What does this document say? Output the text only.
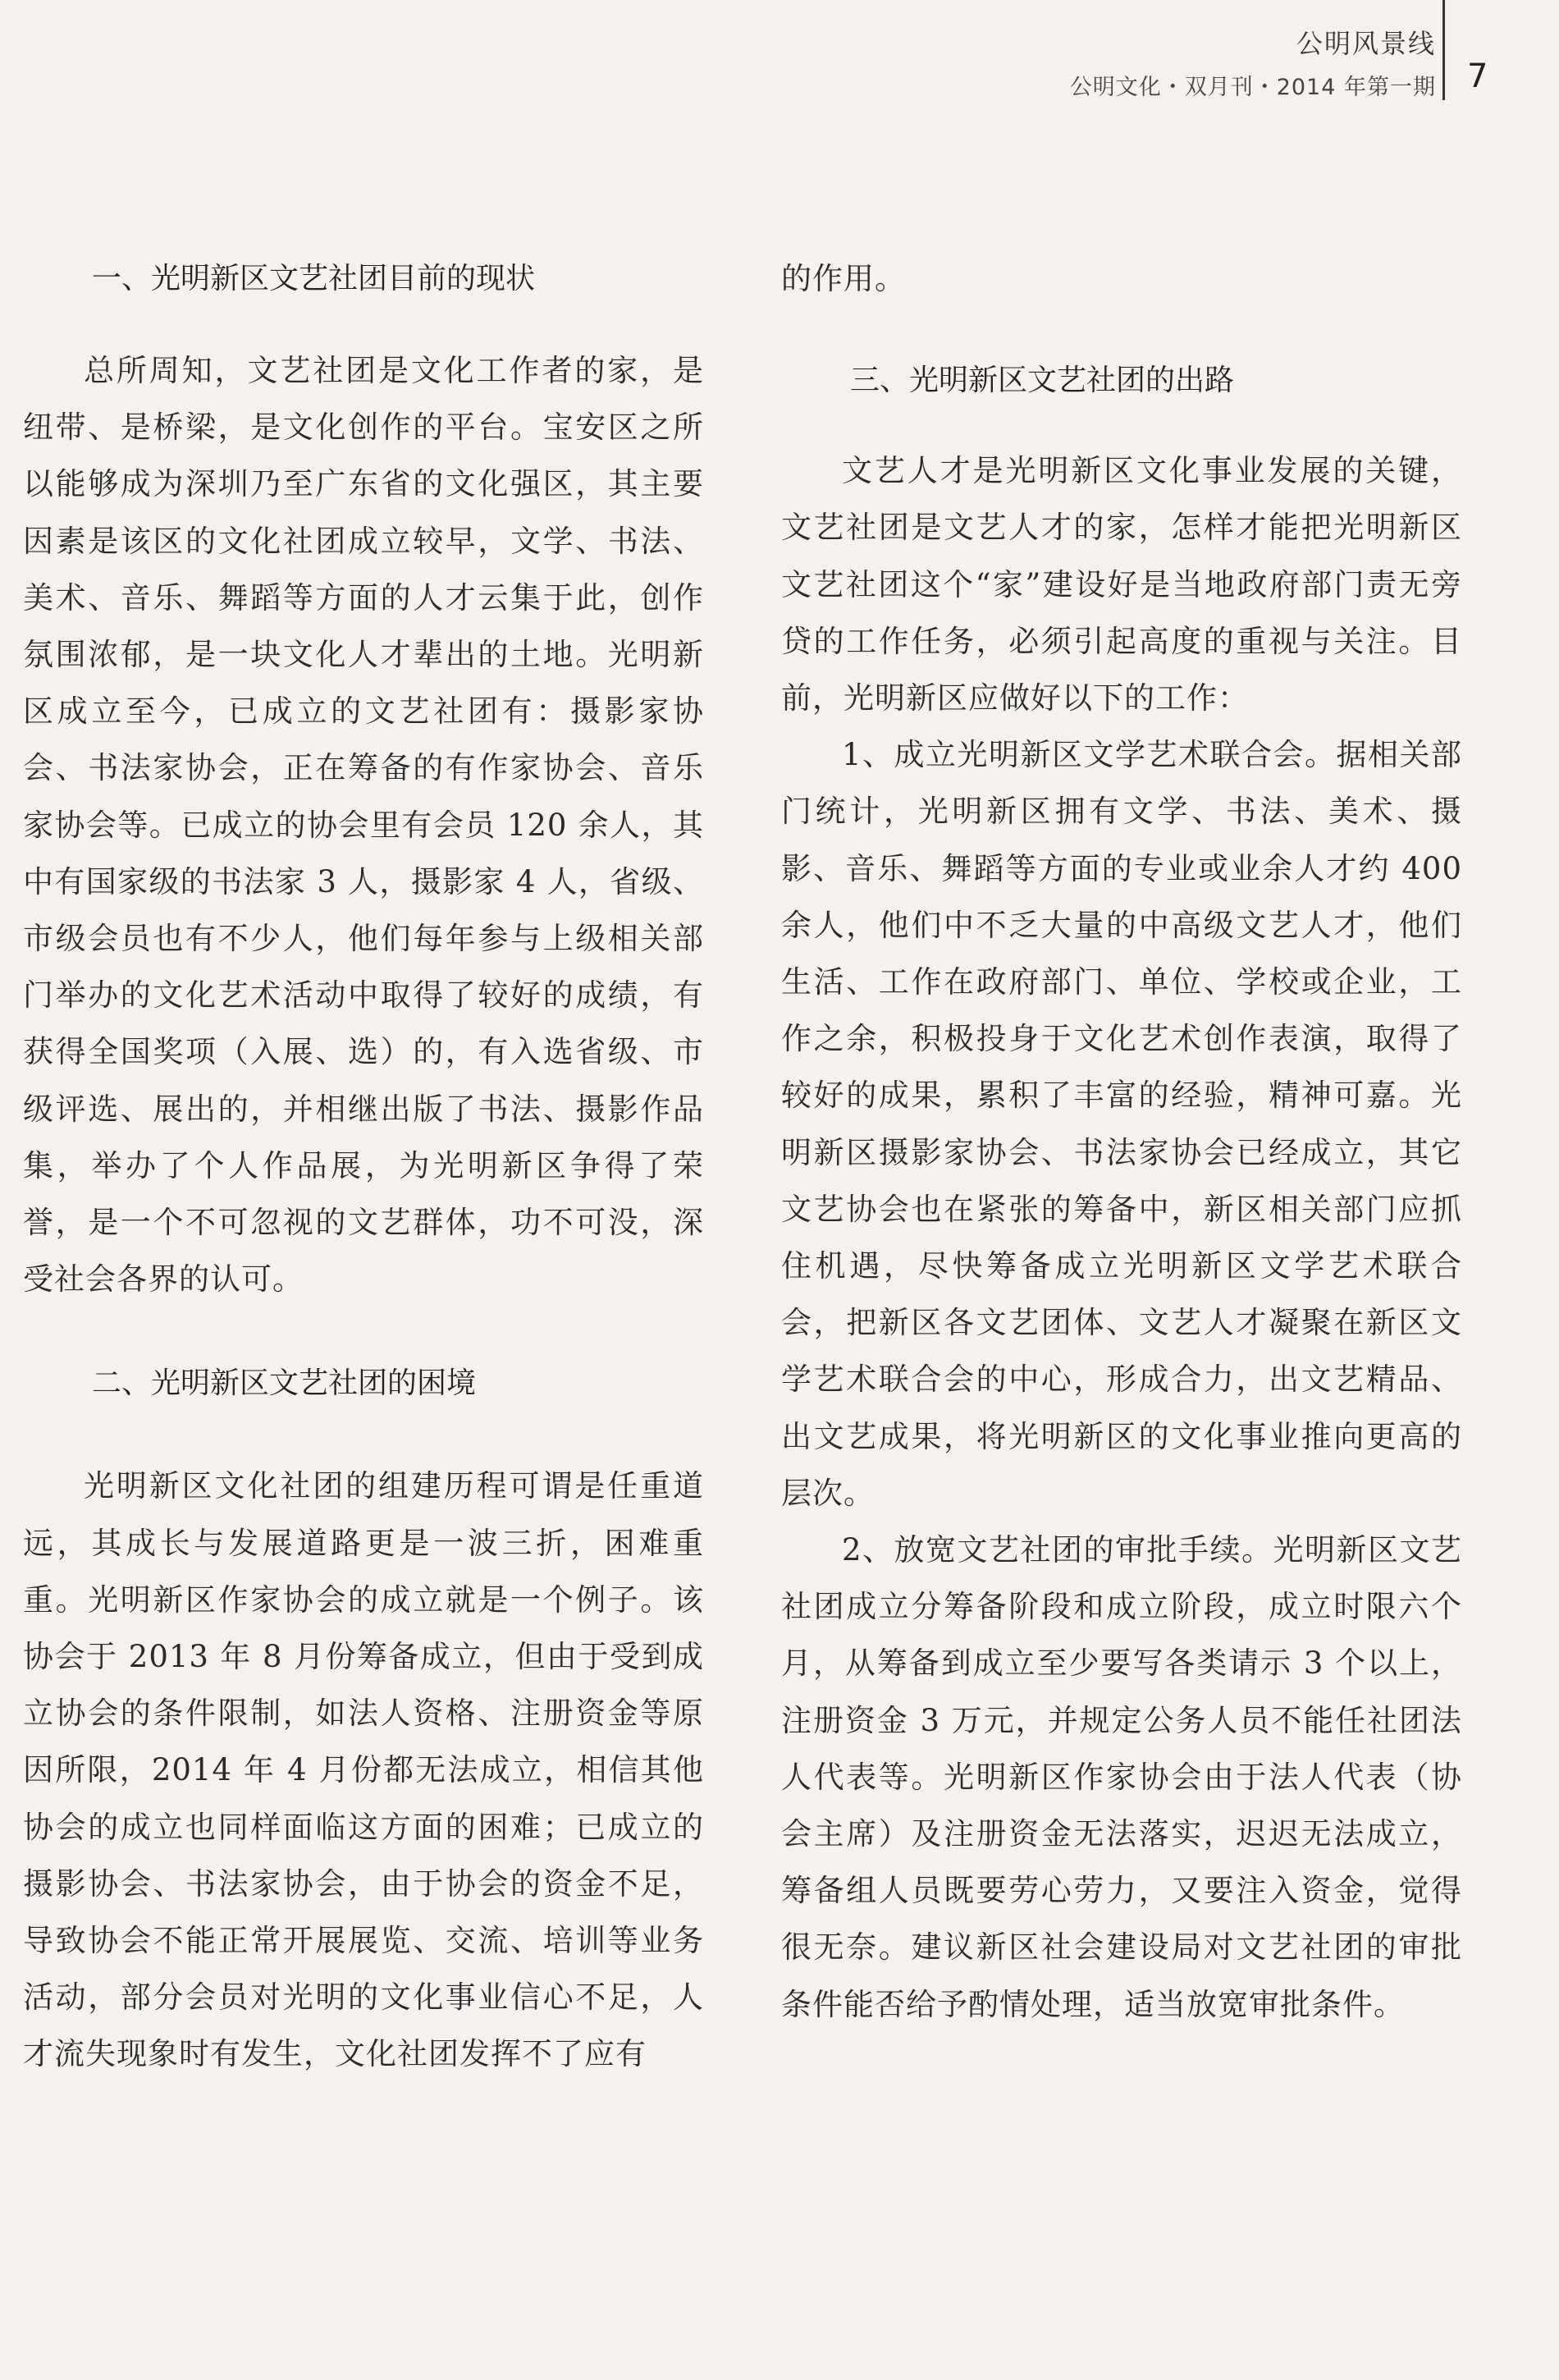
公明风景线
公明文化・双月刊・2014 年第一期 7
一、光明新区文艺社团目前的现状

总所周知，文艺社团是文化工作者的家，是纽带、是桥梁，是文化创作的平台。宝安区之所以能够成为深圳乃至广东省的文化强区，其主要因素是该区的文化社团成立较早，文学、书法、美术、音乐、舞蹈等方面的人才云集于此，创作氛围浓郁，是一块文化人才辈出的土地。光明新区成立至今，已成立的文艺社团有：摄影家协会、书法家协会，正在筹备的有作家协会、音乐家协会等。已成立的协会里有会员 120 余人，其中有国家级的书法家 3 人，摄影家 4 人，省级、市级会员也有不少人，他们每年参与上级相关部门举办的文化艺术活动中取得了较好的成绩，有获得全国奖项（入展、选）的，有入选省级、市级评选、展出的，并相继出版了书法、摄影作品集，举办了个人作品展，为光明新区争得了荣誉，是一个不可忽视的文艺群体，功不可没，深受社会各界的认可。

二、光明新区文艺社团的困境

光明新区文化社团的组建历程可谓是任重道远，其成长与发展道路更是一波三折，困难重重。光明新区作家协会的成立就是一个例子。该协会于 2013 年 8 月份筹备成立，但由于受到成立协会的条件限制，如法人资格、注册资金等原因所限，2014 年 4 月份都无法成立，相信其他协会的成立也同样面临这方面的困难；已成立的摄影协会、书法家协会，由于协会的资金不足，导致协会不能正常开展展览、交流、培训等业务活动，部分会员对光明的文化事业信心不足，人才流失现象时有发生，文化社团发挥不了应有

的作用。

三、光明新区文艺社团的出路

文艺人才是光明新区文化事业发展的关键，文艺社团是文艺人才的家，怎样才能把光明新区文艺社团这个“家”建设好是当地政府部门责无旁贷的工作任务，必须引起高度的重视与关注。目前，光明新区应做好以下的工作：

1、成立光明新区文学艺术联合会。据相关部门统计，光明新区拥有文学、书法、美术、摄影、音乐、舞蹈等方面的专业或业余人才约 400 余人，他们中不乏大量的中高级文艺人才，他们生活、工作在政府部门、单位、学校或企业，工作之余，积极投身于文化艺术创作表演，取得了较好的成果，累积了丰富的经验，精神可嘉。光明新区摄影家协会、书法家协会已经成立，其它文艺协会也在紧张的筹备中，新区相关部门应抓住机遇，尽快筹备成立光明新区文学艺术联合会，把新区各文艺团体、文艺人才凝聚在新区文学艺术联合会的中心，形成合力，出文艺精品、出文艺成果，将光明新区的文化事业推向更高的层次。

2、放宽文艺社团的审批手续。光明新区文艺社团成立分筹备阶段和成立阶段，成立时限六个月，从筹备到成立至少要写各类请示 3 个以上，注册资金 3 万元，并规定公务人员不能任社团法人代表等。光明新区作家协会由于法人代表（协会主席）及注册资金无法落实，迟迟无法成立，筹备组人员既要劳心劳力，又要注入资金，觉得很无奈。建议新区社会建设局对文艺社团的审批条件能否给予酌情处理，适当放宽审批条件。
